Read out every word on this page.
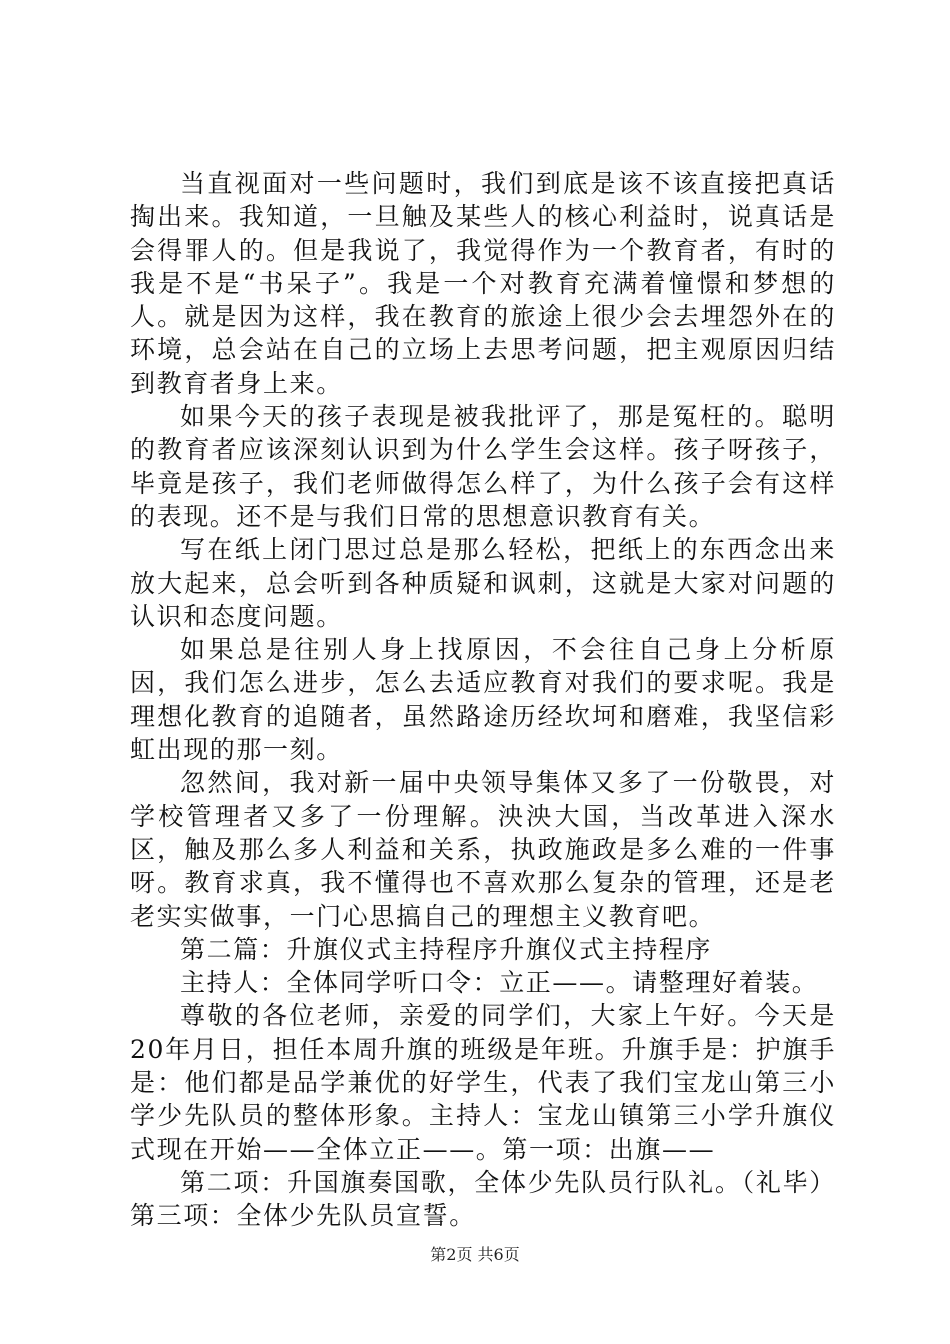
当直视面对一些问题时，我们到底是该不该直接把真话掏出来。我知道，一旦触及某些人的核心利益时，说真话是会得罪人的。但是我说了，我觉得作为一个教育者，有时的我是不是“书呆子”。我是一个对教育充满着憧憬和梦想的人。就是因为这样，我在教育的旅途上很少会去埋怨外在的环境，总会站在自己的立场上去思考问题，把主观原因归结到教育者身上来。

如果今天的孩子表现是被我批评了，那是冤枉的。聪明的教育者应该深刻认识到为什么学生会这样。孩子呀孩子，毕竟是孩子，我们老师做得怎么样了，为什么孩子会有这样的表现。还不是与我们日常的思想意识教育有关。

写在纸上闭门思过总是那么轻松，把纸上的东西念出来放大起来，总会听到各种质疑和讽刺，这就是大家对问题的认识和态度问题。

如果总是往别人身上找原因，不会往自己身上分析原因，我们怎么进步，怎么去适应教育对我们的要求呢。我是理想化教育的追随者，虽然路途历经坎坷和磨难，我坚信彩虹出现的那一刻。

忽然间，我对新一届中央领导集体又多了一份敬畏，对学校管理者又多了一份理解。泱泱大国，当改革进入深水区，触及那么多人利益和关系，执政施政是多么难的一件事呀。教育求真，我不懂得也不喜欢那么复杂的管理，还是老老实实做事，一门心思搞自己的理想主义教育吧。

第二篇：升旗仪式主持程序升旗仪式主持程序

主持人：全体同学听口令：立正——。请整理好着装。

尊敬的各位老师，亲爱的同学们，大家上午好。今天是20年月日，担任本周升旗的班级是年班。升旗手是：护旗手是：他们都是品学兼优的好学生，代表了我们宝龙山第三小学少先队员的整体形象。主持人：宝龙山镇第三小学升旗仪式现在开始——全体立正——。第一项：出旗——

第二项：升国旗奏国歌，全体少先队员行队礼。（礼毕）第三项：全体少先队员宣誓。

第2页 共6页
